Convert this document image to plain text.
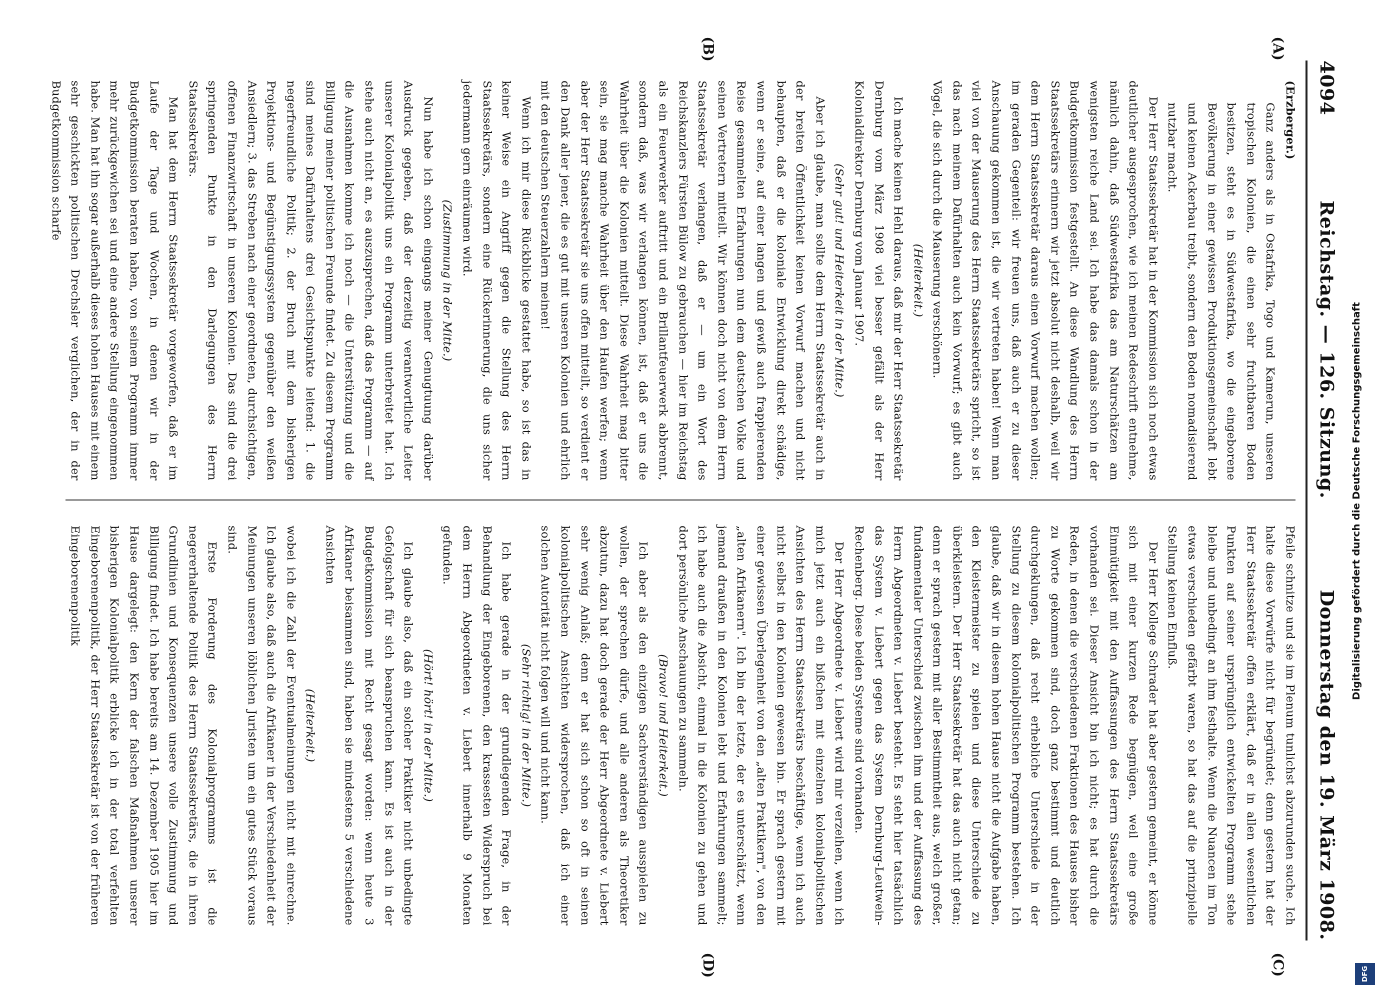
4094
Reichstag. — 126. Sitzung.
Donnerstag den 19. März 1908.
(A)
(B)
(C)
(D)

(Erzberger.)

Ganz anders als in Ostafrika, Togo und Kamerun, unseren tropischen Kolonien, die einen sehr fruchtbaren Boden besitzen, steht es in Südwestafrika, wo die eingeborene Bevölkerung in einer gewissen Produktionsgemeinschaft lebt und keinen Ackerbau treibt, sondern den Boden nomadisierend nutzbar macht.

Der Herr Staatssekretär hat in der Kommission sich noch etwas deutlicher ausgesprochen, wie ich meinen Redeschrift entnehme, nämlich dahin, daß Südwestafrika das am Naturschätzen am wenigsten reiche Land sei. Ich habe das damals schon in der Budgetkommission festgestellt. An diese Wandlung des Herrn Staatssekretärs erinnern wir jetzt absolut nicht deshalb, weil wir dem Herrn Staatssekretär daraus einen Vorwurf machen wollen; im geraden Gegenteil: wir freuen uns, daß auch er zu dieser Anschauung gekommen ist, die wir vertreten haben! Wenn man viel von der Mauserung des Herrn Staatssekretärs spricht, so ist das nach meinem Dafürhalten auch kein Vorwurf; es gibt auch Vögel, die sich durch die Mauserung verschönern.

(Heiterkeit.)

Ich mache keinen Hehl daraus, daß mir der Herr Staatssekretär Dernburg vom März 1908 viel besser gefällt als der Herr Kolonialdirektor Dernburg vom Januar 1907.

(Sehr gut! und Heiterkeit in der Mitte.)

Aber ich glaube, man sollte dem Herrn Staatssekretär auch in der breiten Öffentlichkeit keinen Vorwurf machen und nicht behaupten, daß er die koloniale Entwicklung direkt schädige, wenn er seine, auf einer langen und gewiß auch frappierenden Reise gesammelten Erfahrungen nun dem deutschen Volke und seinen Vertretern mitteilt. Wir können doch nicht von dem Herrn Staatssekretär verlangen, daß er — um ein Wort des Reichskanzlers Fürsten Bülow zu gebrauchen — hier im Reichstag als ein Feuerwerker auftritt und ein Brillantfeuerwerk abbrennt, sondern daß, was wir verlangen können, ist, daß er uns die Wahrheit über die Kolonien mitteilt. Diese Wahrheit mag bitter sein, sie mag manche Wahrheit über den Haufen werfen; wenn aber der Herr Staatssekretär sie uns offen mitteilt, so verdient er den Dank aller jener, die es gut mit unseren Kolonien und ehrlich mit den deutschen Steuerzahlern meinen!

Wenn ich mir diese Rückblicke gestattet habe, so ist das in keiner Weise ein Angriff gegen die Stellung des Herrn Staatssekretärs, sondern eine Rückerinnerung, die uns sicher jedermann gern einräumen wird.

(Zustimmung in der Mitte.)

Nun habe ich schon eingangs meiner Genugtuung darüber Ausdruck gegeben, daß der derzeitig verantwortliche Leiter unserer Kolonialpolitik uns ein Programm unterbreitet hat. Ich stehe auch nicht an, es auszusprechen, daß das Programm — auf die Ausnahmen komme ich noch — die Unterstützung und die Billigung meiner politischen Freunde findet. Zu diesem Programm sind meines Dafürhaltens drei Gesichtspunkte leitend: 1. die negerfreundliche Politik; 2. der Bruch mit dem bisherigen Projektions- und Begünstigungssystem gegenüber den weißen Ansiedlern; 3. das Streben nach einer geordneten, durchsichtigen, offenen Finanzwirtschaft in unseren Kolonien. Das sind die drei springenden Punkte in den Darlegungen des Herrn Staatssekretärs.

Man hat dem Herrn Staatssekretär vorgeworfen, daß er im Laufe der Tage und Wochen, in denen wir in der Budgetkommission beraten haben, von seinem Programm immer mehr zurückgewichen sei und eine andere Stellung eingenommen habe. Man hat ihn sogar außerhalb dieses hohen Hauses mit einem sehr geschickten politischen Drechsler verglichen, der in der Budgetkommission scharfe

Pfeile schnitze und sie im Plenum tunlichst abzurunden suche. Ich halte diese Vorwürfe nicht für begründet; denn gestern hat der Herr Staatssekretär offen erklärt, daß er in allen wesentlichen Punkten auf seiner ursprünglich entwickelten Programm stehe bleibe und unbedingt an ihm festhalte. Wenn die Nuancen im Ton etwas verschieden gefärbt waren, so hat das auf die prinzipielle Stellung keinen Einfluß.

Der Herr Kollege Schrader hat aber gestern gemeint, er könne sich mit einer kurzen Rede begnügen, weil eine große Einmütigkeit mit den Auffassungen des Herrn Staatssekretärs vorhanden sei. Dieser Ansicht bin ich nicht; es hat durch die Reden, in denen die verschiedenen Fraktionen des Hauses bisher zu Worte gekommen sind, doch ganz bestimmt und deutlich durchgeklungen, daß recht erhebliche Unterschiede in der Stellung zu diesem kolonialpolitischen Programm bestehen. Ich glaube, daß wir in diesem hohen Hause nicht die Aufgabe haben, den Kleistermeister zu spielen und diese Unterschiede zu überkleistern. Der Herr Staatssekretär hat das auch nicht getan; denn er sprach gestern mit aller Bestimmtheit aus, welch großer, fundamentaler Unterschied zwischen ihm und der Auffassung des Herrn Abgeordneten v. Liebert besteht. Es steht hier tatsächlich das System v. Liebert gegen das System Dernburg-Leutwein-Rechenberg. Diese beiden Systeme sind vorhanden.

Der Herr Abgeordnete v. Liebert wird mir verzeihen, wenn ich mich jetzt auch ein bißchen mit einzelnen kolonialpolitischen Ansichten des Herrn Staatssekretärs beschäftige, wenn ich auch nicht selbst in den Kolonien gewesen bin. Er sprach gestern mit einer gewissen Überlegenheit von den „alten Praktikern", von den „alten Afrikanern". Ich bin der letzte, der es unterschätzt, wenn jemand draußen in den Kolonien lebt und Erfahrungen sammelt; ich habe auch die Absicht, einmal in die Kolonien zu gehen und dort persönliche Anschauungen zu sammeln.

(Bravo! und Heiterkeit.)

Ich aber als den einzigen Sachverständigen ausspielen zu wollen, der sprechen dürfe, und alle anderen als Theoretiker abzutun, dazu hat doch gerade der Herr Abgeordnete v. Liebert sehr wenig Anlaß; denn er hat sich schon so oft in seinen kolonialpolitischen Ansichten widersprochen, daß ich einer solchen Autorität nicht folgen will und nicht kann.

(Sehr richtig! in der Mitte.)

Ich habe gerade in der grundlegenden Frage, in der Behandlung der Eingeborenen, den krassesten Widerspruch bei dem Herrn Abgeordneten v. Liebert innerhalb 9 Monaten gefunden.

(Hört! hört! in der Mitte.)

Ich glaube also, daß ein solcher Praktiker nicht unbedingte Gefolgschaft für sich beanspruchen kann. Es ist auch in der Budgetkommission mit Recht gesagt worden: wenn heute 3 Afrikaner beisammen sind, haben sie mindestens 5 verschiedene Ansichten

(Heiterkeit.)

wobei ich die Zahl der Eventualmeinungen nicht mit einrechne. Ich glaube also, daß auch die Afrikaner in der Verschiedenheit der Meinungen unseren löblichen Juristen um ein gutes Stück voraus sind.

Erste Forderung des Kolonialprogramms ist die negererhaltende Politik des Herrn Staatssekretärs, die in ihren Grundlinien und Konsequenzen unsere volle Zustimmung und Billigung findet. Ich habe bereits am 14. Dezember 1905 hier im Hause dargelegt: den Kern der falschen Maßnahmen unserer bisherigen Kolonialpolitik erblicke ich in der total verfehlten Eingeborenenpolitik, der Herr Staatssekretär ist von der früheren Eingeborenenpolitik	Digitalisierung gefördert durch die Deutsche Forschungsgemeinschaft
DFG
